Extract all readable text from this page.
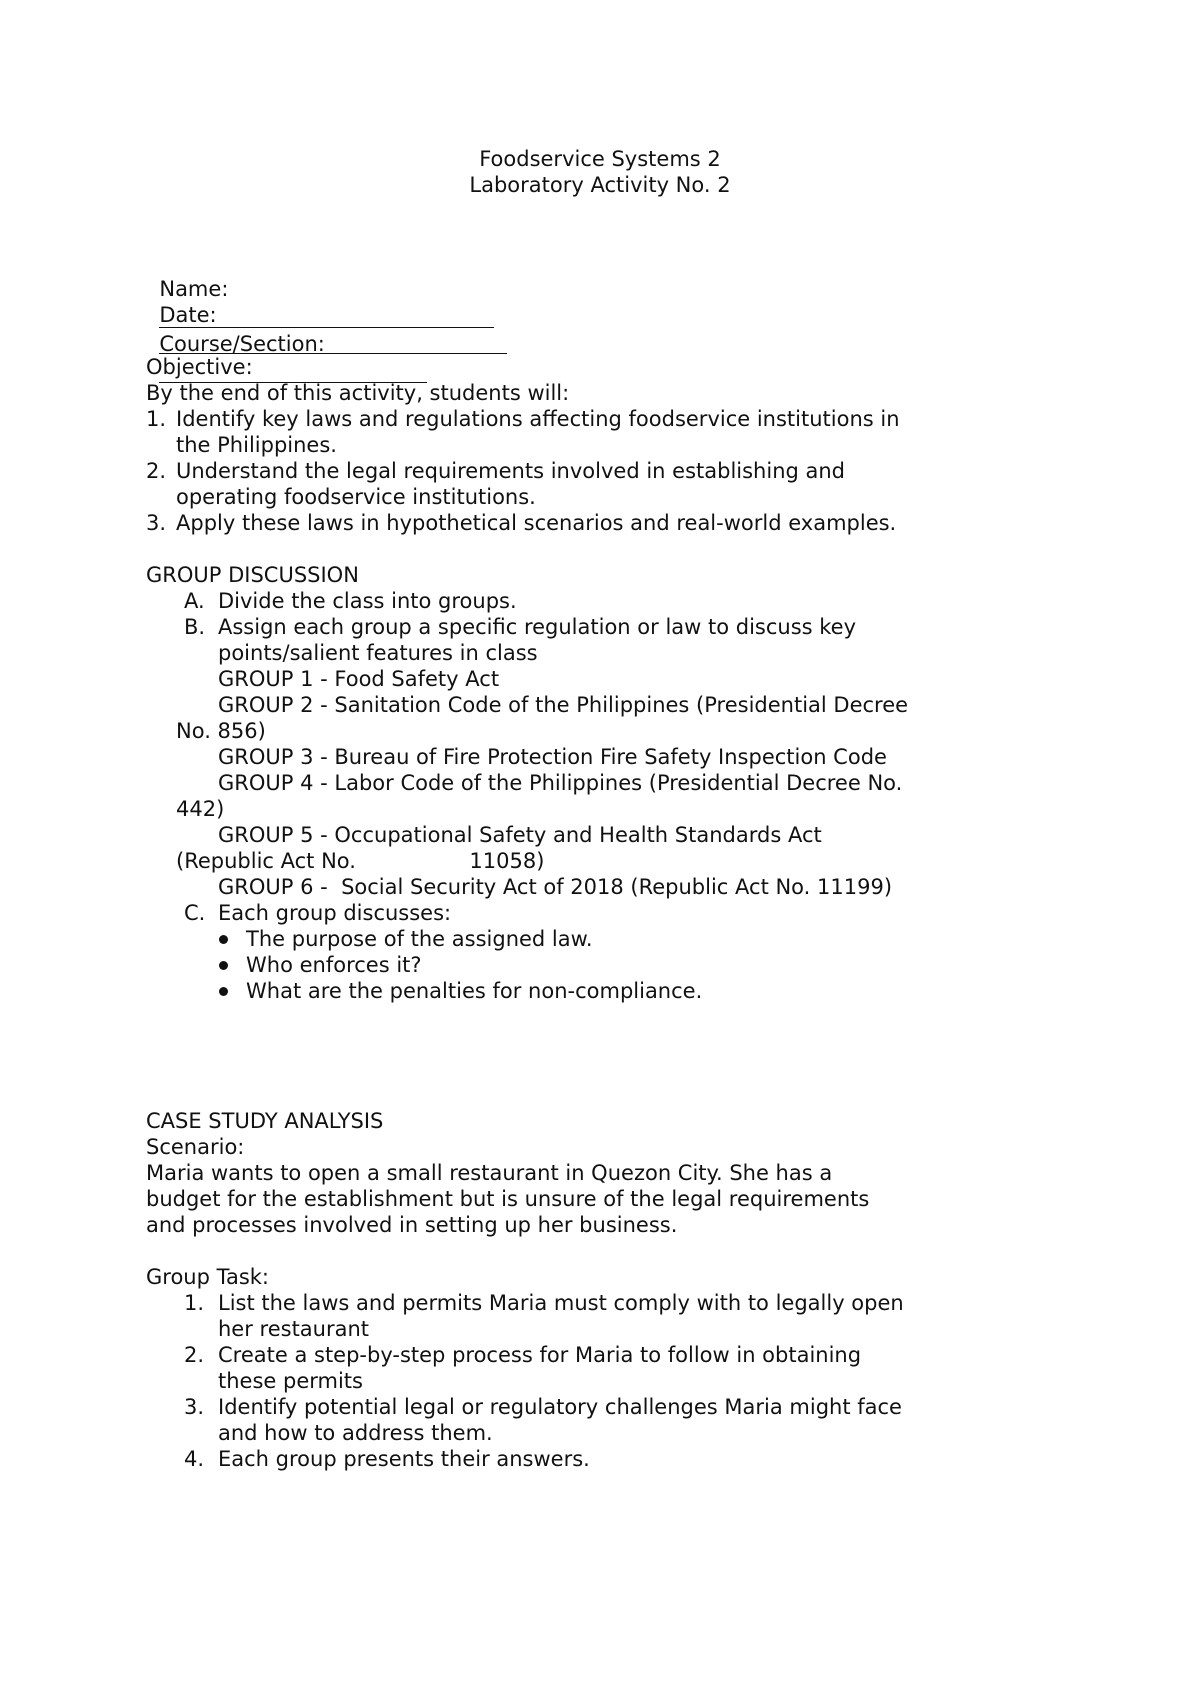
Foodservice Systems 2
Laboratory Activity No. 2

Name:

Course/Section:

Date:

Objective:
By the end of this activity, students will:
1. Identify key laws and regulations affecting foodservice institutions in
the Philippines.
2. Understand the legal requirements involved in establishing and
operating foodservice institutions.
3. Apply these laws in hypothetical scenarios and real-world examples.
GROUP DISCUSSION
A. Divide the class into groups.
B. Assign each group a specific regulation or law to discuss key
points/salient features in class
GROUP 1 - Food Safety Act
GROUP 2 - Sanitation Code of the Philippines (Presidential Decree
No. 856)
GROUP 3 - Bureau of Fire Protection Fire Safety Inspection Code
GROUP 4 - Labor Code of the Philippines (Presidential Decree No.
442)
GROUP 5 - Occupational Safety and Health Standards Act
(Republic Act No.                 11058)
GROUP 6 -  Social Security Act of 2018 (Republic Act No. 11199)
C. Each group discusses:
The purpose of the assigned law.
Who enforces it?
What are the penalties for non-compliance.
CASE STUDY ANALYSIS
Scenario:
Maria wants to open a small restaurant in Quezon City. She has a
budget for the establishment but is unsure of the legal requirements
and processes involved in setting up her business.
Group Task:
1. List the laws and permits Maria must comply with to legally open
her restaurant
2. Create a step-by-step process for Maria to follow in obtaining
these permits
3. Identify potential legal or regulatory challenges Maria might face
and how to address them.
4. Each group presents their answers.
